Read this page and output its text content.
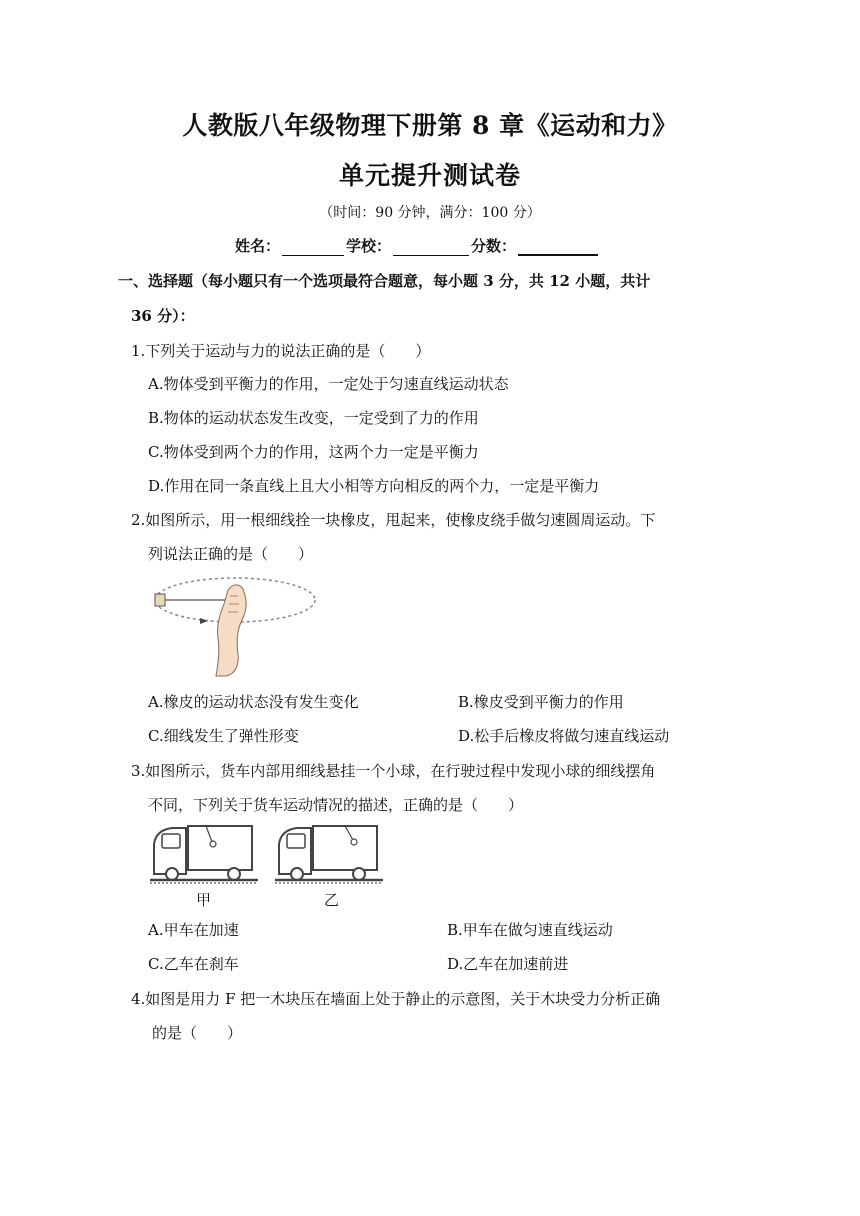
人教版八年级物理下册第 8 章《运动和力》
单元提升测试卷
（时间：90 分钟，满分：100 分）
姓名：	学校：	分数：
一、选择题（每小题只有一个选项最符合题意，每小题 3 分，共 12 小题，共计
36 分）：
1.下列关于运动与力的说法正确的是（　　）
A.物体受到平衡力的作用，一定处于匀速直线运动状态
B.物体的运动状态发生改变，一定受到了力的作用
C.物体受到两个力的作用，这两个力一定是平衡力
D.作用在同一条直线上且大小相等方向相反的两个力，一定是平衡力
2.如图所示，用一根细线拴一块橡皮，甩起来，使橡皮绕手做匀速圆周运动。下
列说法正确的是（　　）
A.橡皮的运动状态没有发生变化	B.橡皮受到平衡力的作用
C.细线发生了弹性形变	D.松手后橡皮将做匀速直线运动
3.如图所示，货车内部用细线悬挂一个小球，在行驶过程中发现小球的细线摆角
不同，下列关于货车运动情况的描述，正确的是（　　）
甲	乙
A.甲车在加速	B.甲车在做匀速直线运动
C.乙车在刹车	D.乙车在加速前进
4.如图是用力 F 把一木块压在墙面上处于静止的示意图，关于木块受力分析正确
的是（　　）
